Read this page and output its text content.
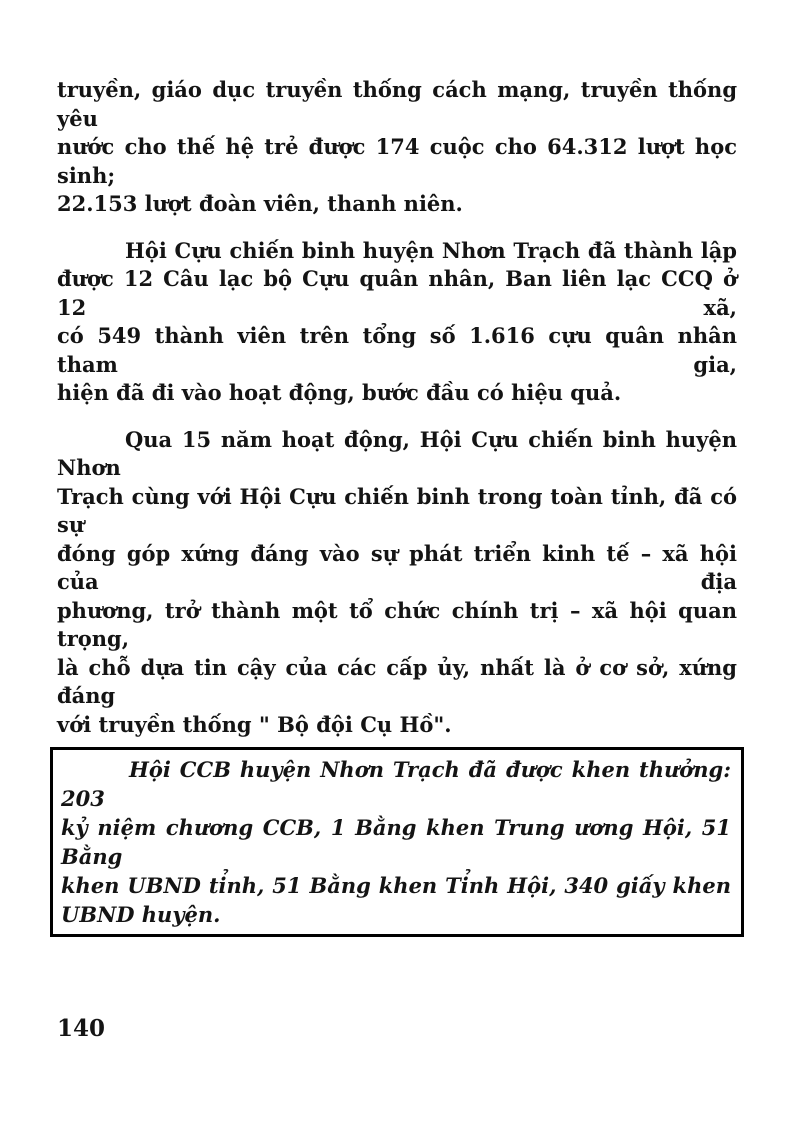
truyền, giáo dục truyền thống cách mạng, truyền thống yêu
nước cho thế hệ trẻ được 174 cuộc cho 64.312 lượt học sinh;
22.153 lượt đoàn viên, thanh niên.
Hội Cựu chiến binh huyện Nhơn Trạch đã thành lập
được 12 Câu lạc bộ Cựu quân nhân, Ban liên lạc CCQ ở 12 xã,
có 549 thành viên trên tổng số 1.616 cựu quân nhân tham gia,
hiện đã đi vào hoạt động, bước đầu có hiệu quả.
Qua 15 năm hoạt động, Hội Cựu chiến binh huyện Nhơn
Trạch cùng với Hội Cựu chiến binh trong toàn tỉnh, đã có sự
đóng góp xứng đáng vào sự phát triển kinh tế – xã hội của địa
phương, trở thành một tổ chức chính trị – xã hội quan trọng,
là chỗ dựa tin cậy của các cấp ủy, nhất là ở cơ sở, xứng đáng
với truyền thống " Bộ đội Cụ Hồ".
Hội CCB huyện Nhơn Trạch đã được khen thưởng: 203
kỷ niệm chương CCB, 1 Bằng khen Trung ương Hội, 51 Bằng
khen UBND tỉnh, 51 Bằng khen Tỉnh Hội, 340 giấy khen
UBND huyện.
140
